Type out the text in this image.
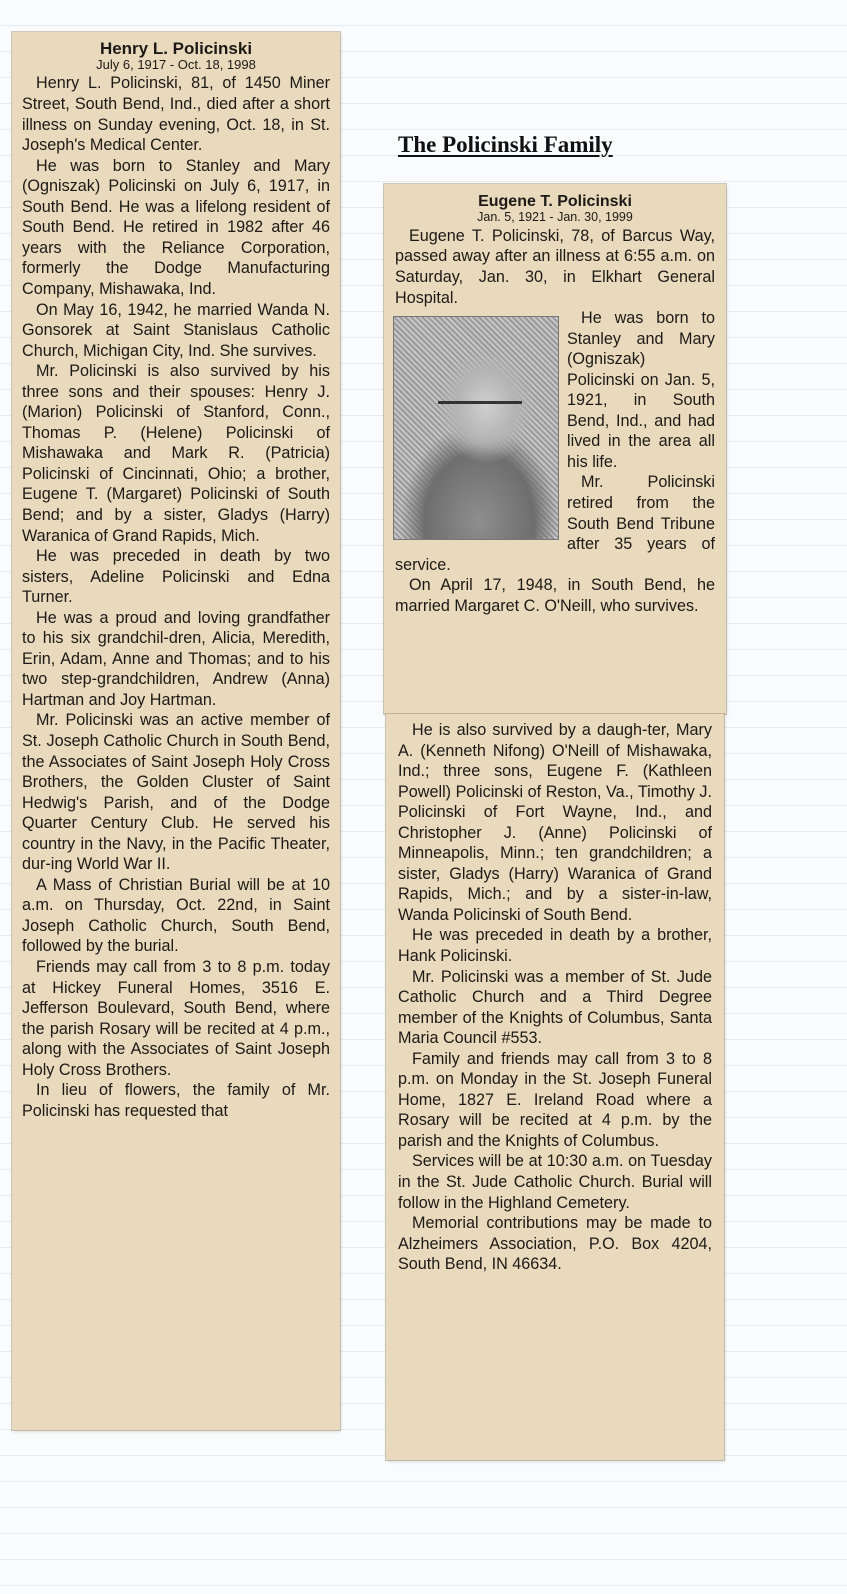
Henry L. Policinski
July 6, 1917 - Oct. 18, 1998

Henry L. Policinski, 81, of 1450 Miner Street, South Bend, Ind., died after a short illness on Sunday evening, Oct. 18, in St. Joseph's Medical Center.

He was born to Stanley and Mary (Ogniszak) Policinski on July 6, 1917, in South Bend. He was a lifelong resident of South Bend. He retired in 1982 after 46 years with the Reliance Corporation, formerly the Dodge Manufacturing Company, Mishawaka, Ind.

On May 16, 1942, he married Wanda N. Gonsorek at Saint Stanislaus Catholic Church, Michigan City, Ind. She survives.

Mr. Policinski is also survived by his three sons and their spouses: Henry J. (Marion) Policinski of Stanford, Conn., Thomas P. (Helene) Policinski of Mishawaka and Mark R. (Patricia) Policinski of Cincinnati, Ohio; a brother, Eugene T. (Margaret) Policinski of South Bend; and by a sister, Gladys (Harry) Waranica of Grand Rapids, Mich.

He was preceded in death by two sisters, Adeline Policinski and Edna Turner.

He was a proud and loving grandfather to his six grandchil-dren, Alicia, Meredith, Erin, Adam, Anne and Thomas; and to his two step-grandchildren, Andrew (Anna) Hartman and Joy Hartman.

Mr. Policinski was an active member of St. Joseph Catholic Church in South Bend, the Associates of Saint Joseph Holy Cross Brothers, the Golden Cluster of Saint Hedwig's Parish, and of the Dodge Quarter Century Club. He served his country in the Navy, in the Pacific Theater, dur-ing World War II.

A Mass of Christian Burial will be at 10 a.m. on Thursday, Oct. 22nd, in Saint Joseph Catholic Church, South Bend, followed by the burial.

Friends may call from 3 to 8 p.m. today at Hickey Funeral Homes, 3516 E. Jefferson Boulevard, South Bend, where the parish Rosary will be recited at 4 p.m., along with the Associates of Saint Joseph Holy Cross Brothers.

In lieu of flowers, the family of Mr. Policinski has requested that

The Policinski Family
Eugene T. Policinski
Jan. 5, 1921 - Jan. 30, 1999

Eugene T. Policinski, 78, of Barcus Way, passed away after an illness at 6:55 a.m. on Saturday, Jan. 30, in Elkhart General Hospital.

He was born to Stanley and Mary (Ogniszak) Policinski on Jan. 5, 1921, in South Bend, Ind., and had lived in the area all his life.

Mr. Policinski retired from the South Bend Tribune after 35 years of service.

On April 17, 1948, in South Bend, he married Margaret C. O'Neill, who survives.

He is also survived by a daugh-ter, Mary A. (Kenneth Nifong) O'Neill of Mishawaka, Ind.; three sons, Eugene F. (Kathleen Powell) Policinski of Reston, Va., Timothy J. Policinski of Fort Wayne, Ind., and Christopher J. (Anne) Policinski of Minneapolis, Minn.; ten grandchildren; a sister, Gladys (Harry) Waranica of Grand Rapids, Mich.; and by a sister-in-law, Wanda Policinski of South Bend.

He was preceded in death by a brother, Hank Policinski.

Mr. Policinski was a member of St. Jude Catholic Church and a Third Degree member of the Knights of Columbus, Santa Maria Council #553.

Family and friends may call from 3 to 8 p.m. on Monday in the St. Joseph Funeral Home, 1827 E. Ireland Road where a Rosary will be recited at 4 p.m. by the parish and the Knights of Columbus.

Services will be at 10:30 a.m. on Tuesday in the St. Jude Catholic Church. Burial will follow in the Highland Cemetery.

Memorial contributions may be made to Alzheimers Association, P.O. Box 4204, South Bend, IN 46634.
